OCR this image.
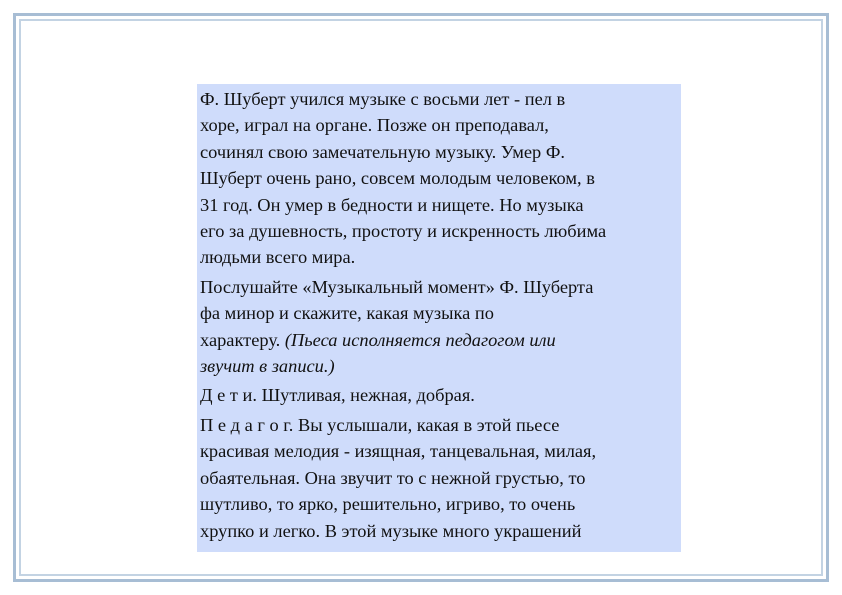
Ф. Шуберт учился музыке с восьми лет - пел в
хоре, играл на органе. Позже он преподавал,
сочинял свою замечательную музыку. Умер Ф.
Шуберт очень рано, совсем молодым человеком, в
31 год. Он умер в бедности и нищете. Но музыка
его за душевность, простоту и искренность любима
людьми всего мира.
Послушайте «Музыкальный момент» Ф. Шуберта
фа минор и скажите, какая музыка по
характеру. (Пьеса исполняется педагогом или
звучит в записи.)
Д е т и. Шутливая, нежная, добрая.
П е д а г о г. Вы услышали, какая в этой пьесе
красивая мелодия - изящная, танцевальная, милая,
обаятельная. Она звучит то с нежной грустью, то
шутливо, то ярко, решительно, игриво, то очень
хрупко и легко. В этой музыке много украшений
